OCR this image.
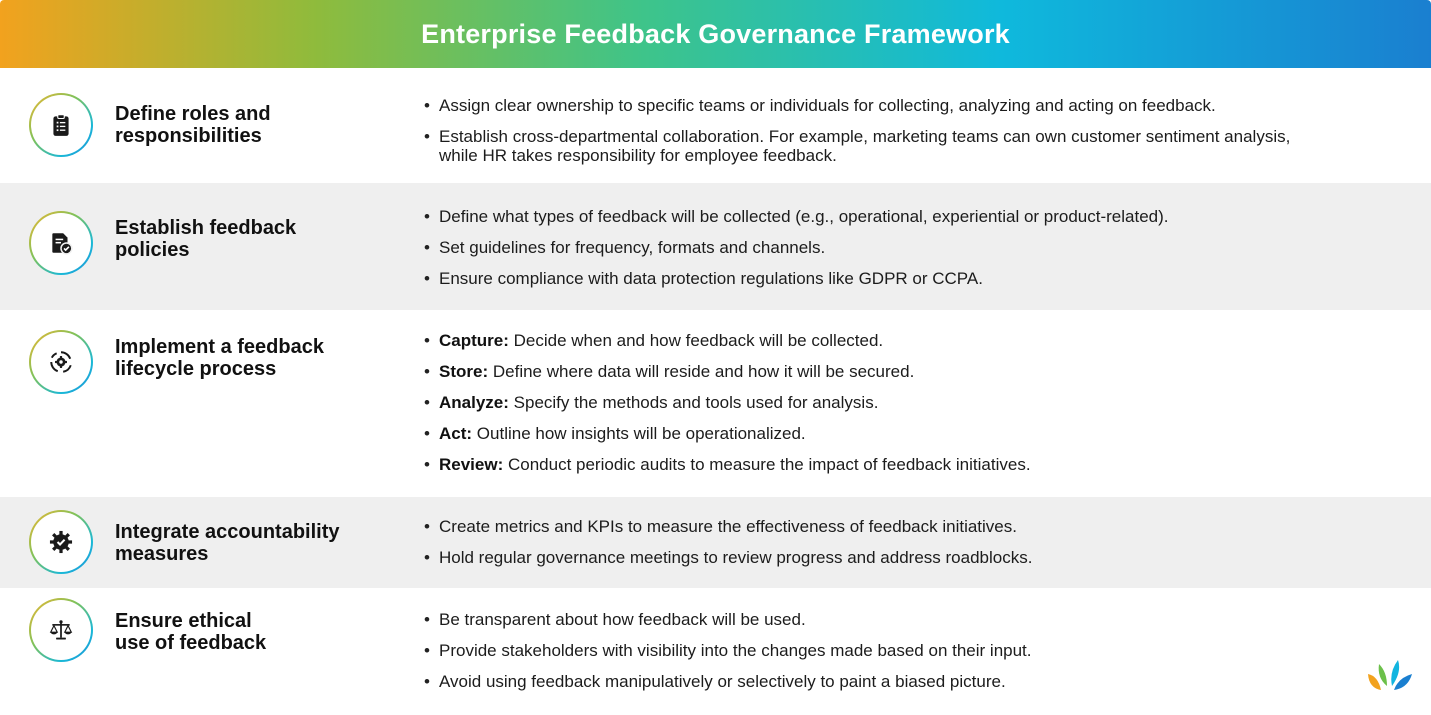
Enterprise Feedback Governance Framework
Define roles and
responsibilities
• Assign clear ownership to specific teams or individuals for collecting, analyzing and acting on feedback.
• Establish cross-departmental collaboration. For example, marketing teams can own customer sentiment analysis,
while HR takes responsibility for employee feedback.
Establish feedback
policies
• Define what types of feedback will be collected (e.g., operational, experiential or product-related).
• Set guidelines for frequency, formats and channels.
• Ensure compliance with data protection regulations like GDPR or CCPA.
Implement a feedback
lifecycle process
• Capture: Decide when and how feedback will be collected.
• Store: Define where data will reside and how it will be secured.
• Analyze: Specify the methods and tools used for analysis.
• Act: Outline how insights will be operationalized.
• Review: Conduct periodic audits to measure the impact of feedback initiatives.
Integrate accountability
measures
• Create metrics and KPIs to measure the effectiveness of feedback initiatives.
• Hold regular governance meetings to review progress and address roadblocks.
Ensure ethical
use of feedback
• Be transparent about how feedback will be used.
• Provide stakeholders with visibility into the changes made based on their input.
• Avoid using feedback manipulatively or selectively to paint a biased picture.
